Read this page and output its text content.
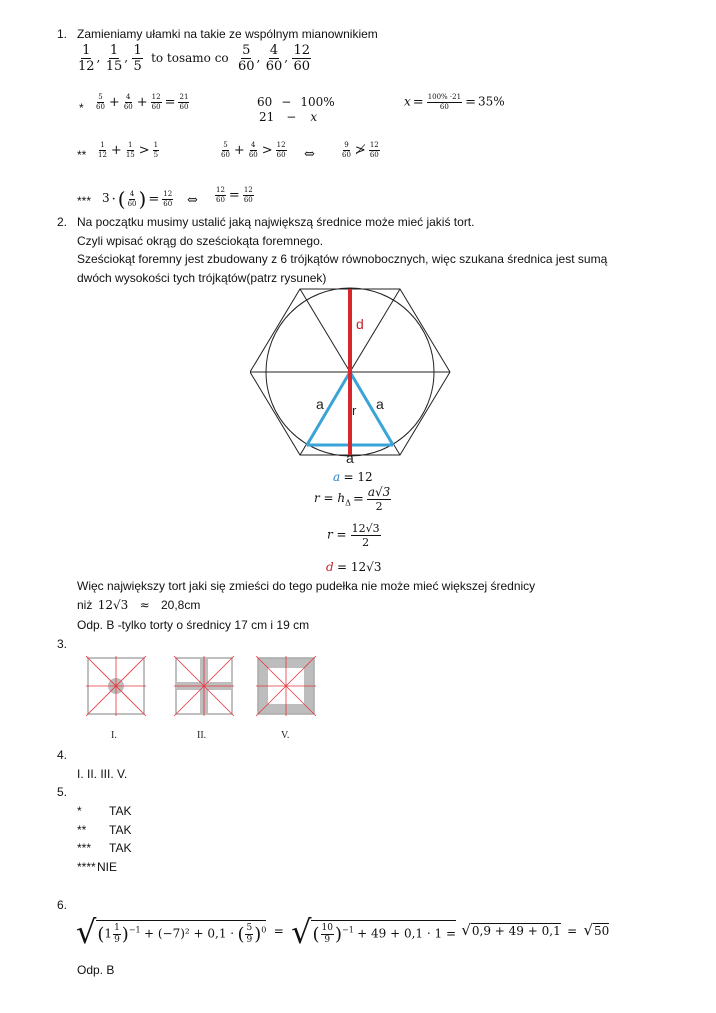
1. Zamieniamy ułamki na takie ze wspólnym mianownikiem
$\frac{1}{12}$ , $\frac{1}{15}$ , $\frac{1}{5}$ to tosamo co $\frac{5}{60}$ , $\frac{4}{60}$ , $\frac{12}{60}$
* $\frac{5}{60} + \frac{4}{60} + \frac{12}{60} = \frac{21}{60}$	60 − 100%
21 − x
$x = \frac{100\% \cdot 21}{60} = 35\%$
** $\frac{1}{12} + \frac{1}{15} > \frac{1}{5}$	$\frac{5}{60} + \frac{4}{60} > \frac{12}{60}$ ⇔	$\frac{9}{60}$ ≯ $\frac{12}{60}$
*** 3 · ( $\frac{4}{60}$ ) = $\frac{12}{60}$ ⇔ $\frac{12}{60} = \frac{12}{60}$
2. Na początku musimy ustalić jaką największą średnice może mieć jakiś tort.
Czyli wpisać okrąg do sześciokąta foremnego.
Sześciokąt foremny jest zbudowany z 6 trójkątów równobocznych, więc szukana średnica jest sumą
dwóch wysokości tych trójkątów(patrz rysunek)
d
a	a
r
a
a = 12
$r = h_\Delta = \frac{a√3}{2}$
$r = \frac{12√3}{2}$
d = 12√3
Więc największy tort jaki się zmieści do tego pudełka nie może mieć większej średnicy
niż 12√3 ≈ 20,8cm
Odp. B -tylko torty o średnicy 17 cm i 19 cm
3.
I.	II.	V.
4.
I. II. III. V.
5.
* TAK
** TAK
*** TAK
**** NIE
6.
$√(1 \frac{1}{9} )^{-1} + (-7)^2 + 0,1$ · ( $\frac{5}{9} )^0$ = √( $\frac{10}{9} )^{-1} + 49 + 0,1 \cdot 1 = √0,9 + 49 + 0,1 = √50$
Odp. B
